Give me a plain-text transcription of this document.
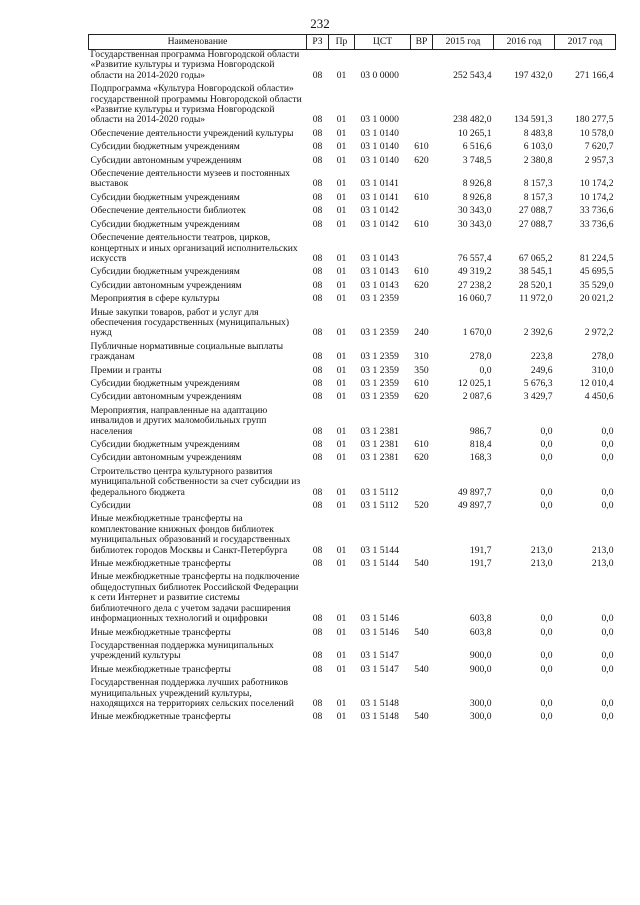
232
Наименование	РЗ	Пр	ЦСТ	ВР	2015 год	2016 год	2017 год
Государственная программа Новгородской области «Развитие культуры и туризма Новгородской области на 2014-2020 годы»	08	01	03 0 0000		252 543,4	197 432,0	271 166,4
Подпрограмма «Культура Новгородской области» государственной программы Новгородской области «Развитие культуры и туризма Новгородской области на 2014-2020 годы»	08	01	03 1 0000		238 482,0	134 591,3	180 277,5
Обеспечение деятельности учреждений культуры	08	01	03 1 0140		10 265,1	8 483,8	10 578,0
Субсидии бюджетным учреждениям	08	01	03 1 0140	610	6 516,6	6 103,0	7 620,7
Субсидии автономным учреждениям	08	01	03 1 0140	620	3 748,5	2 380,8	2 957,3
Обеспечение деятельности музеев и постоянных выставок	08	01	03 1 0141		8 926,8	8 157,3	10 174,2
Субсидии бюджетным учреждениям	08	01	03 1 0141	610	8 926,8	8 157,3	10 174,2
Обеспечение деятельности библиотек	08	01	03 1 0142		30 343,0	27 088,7	33 736,6
Субсидии бюджетным учреждениям	08	01	03 1 0142	610	30 343,0	27 088,7	33 736,6
Обеспечение деятельности театров, цирков, концертных и иных организаций исполнительских искусств	08	01	03 1 0143		76 557,4	67 065,2	81 224,5
Субсидии бюджетным учреждениям	08	01	03 1 0143	610	49 319,2	38 545,1	45 695,5
Субсидии автономным учреждениям	08	01	03 1 0143	620	27 238,2	28 520,1	35 529,0
Мероприятия в сфере культуры	08	01	03 1 2359		16 060,7	11 972,0	20 021,2
Иные закупки товаров, работ и услуг для обеспечения государственных (муниципальных) нужд	08	01	03 1 2359	240	1 670,0	2 392,6	2 972,2
Публичные нормативные социальные выплаты гражданам	08	01	03 1 2359	310	278,0	223,8	278,0
Премии и гранты	08	01	03 1 2359	350	0,0	249,6	310,0
Субсидии бюджетным учреждениям	08	01	03 1 2359	610	12 025,1	5 676,3	12 010,4
Субсидии автономным учреждениям	08	01	03 1 2359	620	2 087,6	3 429,7	4 450,6
Мероприятия, направленные на адаптацию инвалидов и других маломобильных групп населения	08	01	03 1 2381		986,7	0,0	0,0
Субсидии бюджетным учреждениям	08	01	03 1 2381	610	818,4	0,0	0,0
Субсидии автономным учреждениям	08	01	03 1 2381	620	168,3	0,0	0,0
Строительство центра культурного развития муниципальной собственности за счет субсидии из федерального бюджета	08	01	03 1 5112		49 897,7	0,0	0,0
Субсидии	08	01	03 1 5112	520	49 897,7	0,0	0,0
Иные межбюджетные трансферты на комплектование книжных фондов библиотек муниципальных образований и государственных библиотек городов Москвы и Санкт-Петербурга	08	01	03 1 5144		191,7	213,0	213,0
Иные межбюджетные трансферты	08	01	03 1 5144	540	191,7	213,0	213,0
Иные межбюджетные трансферты на подключение общедоступных библиотек Российской Федерации к сети Интернет и развитие системы библиотечного дела с учетом задачи расширения информационных технологий и оцифровки	08	01	03 1 5146		603,8	0,0	0,0
Иные межбюджетные трансферты	08	01	03 1 5146	540	603,8	0,0	0,0
Государственная поддержка муниципальных учреждений культуры	08	01	03 1 5147		900,0	0,0	0,0
Иные межбюджетные трансферты	08	01	03 1 5147	540	900,0	0,0	0,0
Государственная поддержка лучших работников муниципальных учреждений культуры, находящихся на территориях сельских поселений	08	01	03 1 5148		300,0	0,0	0,0
Иные межбюджетные трансферты	08	01	03 1 5148	540	300,0	0,0	0,0
